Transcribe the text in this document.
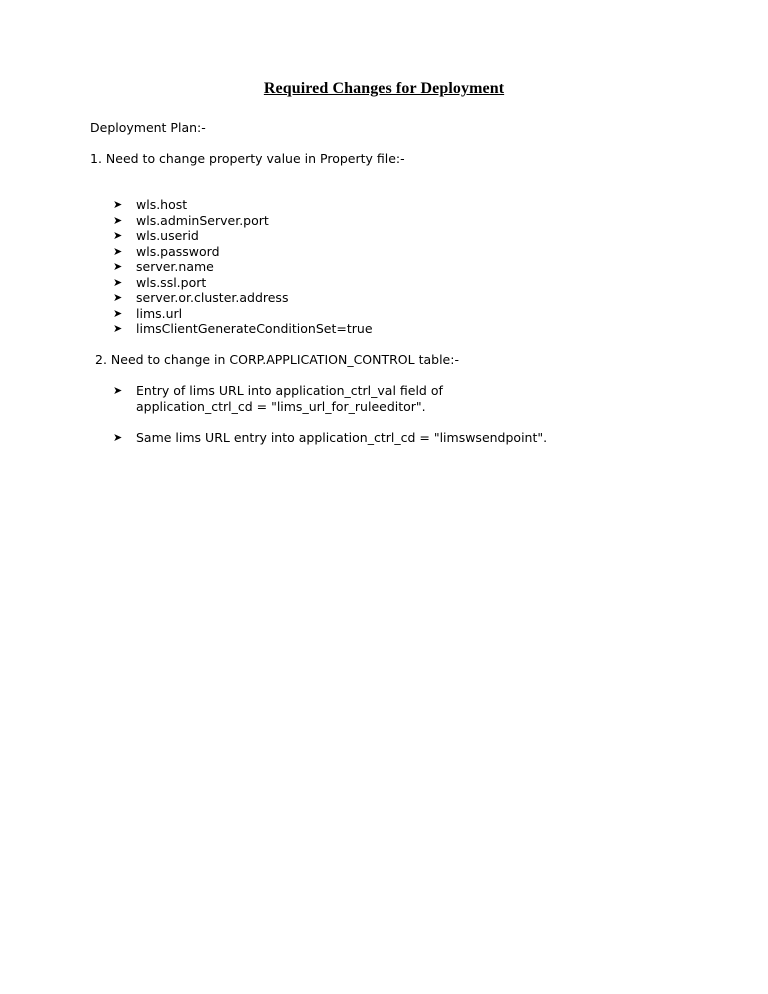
Required Changes for Deployment
Deployment Plan:-
1. Need to change property value in Property file:-
➤ wls.host
➤ wls.adminServer.port
➤ wls.userid
➤ wls.password
➤ server.name
➤ wls.ssl.port
➤ server.or.cluster.address
➤ lims.url
➤ limsClientGenerateConditionSet=true
2. Need to change in CORP.APPLICATION_CONTROL table:-
➤ Entry of lims URL into application_ctrl_val field of
application_ctrl_cd = "lims_url_for_ruleeditor".
➤ Same lims URL entry into application_ctrl_cd = "limswsendpoint".
